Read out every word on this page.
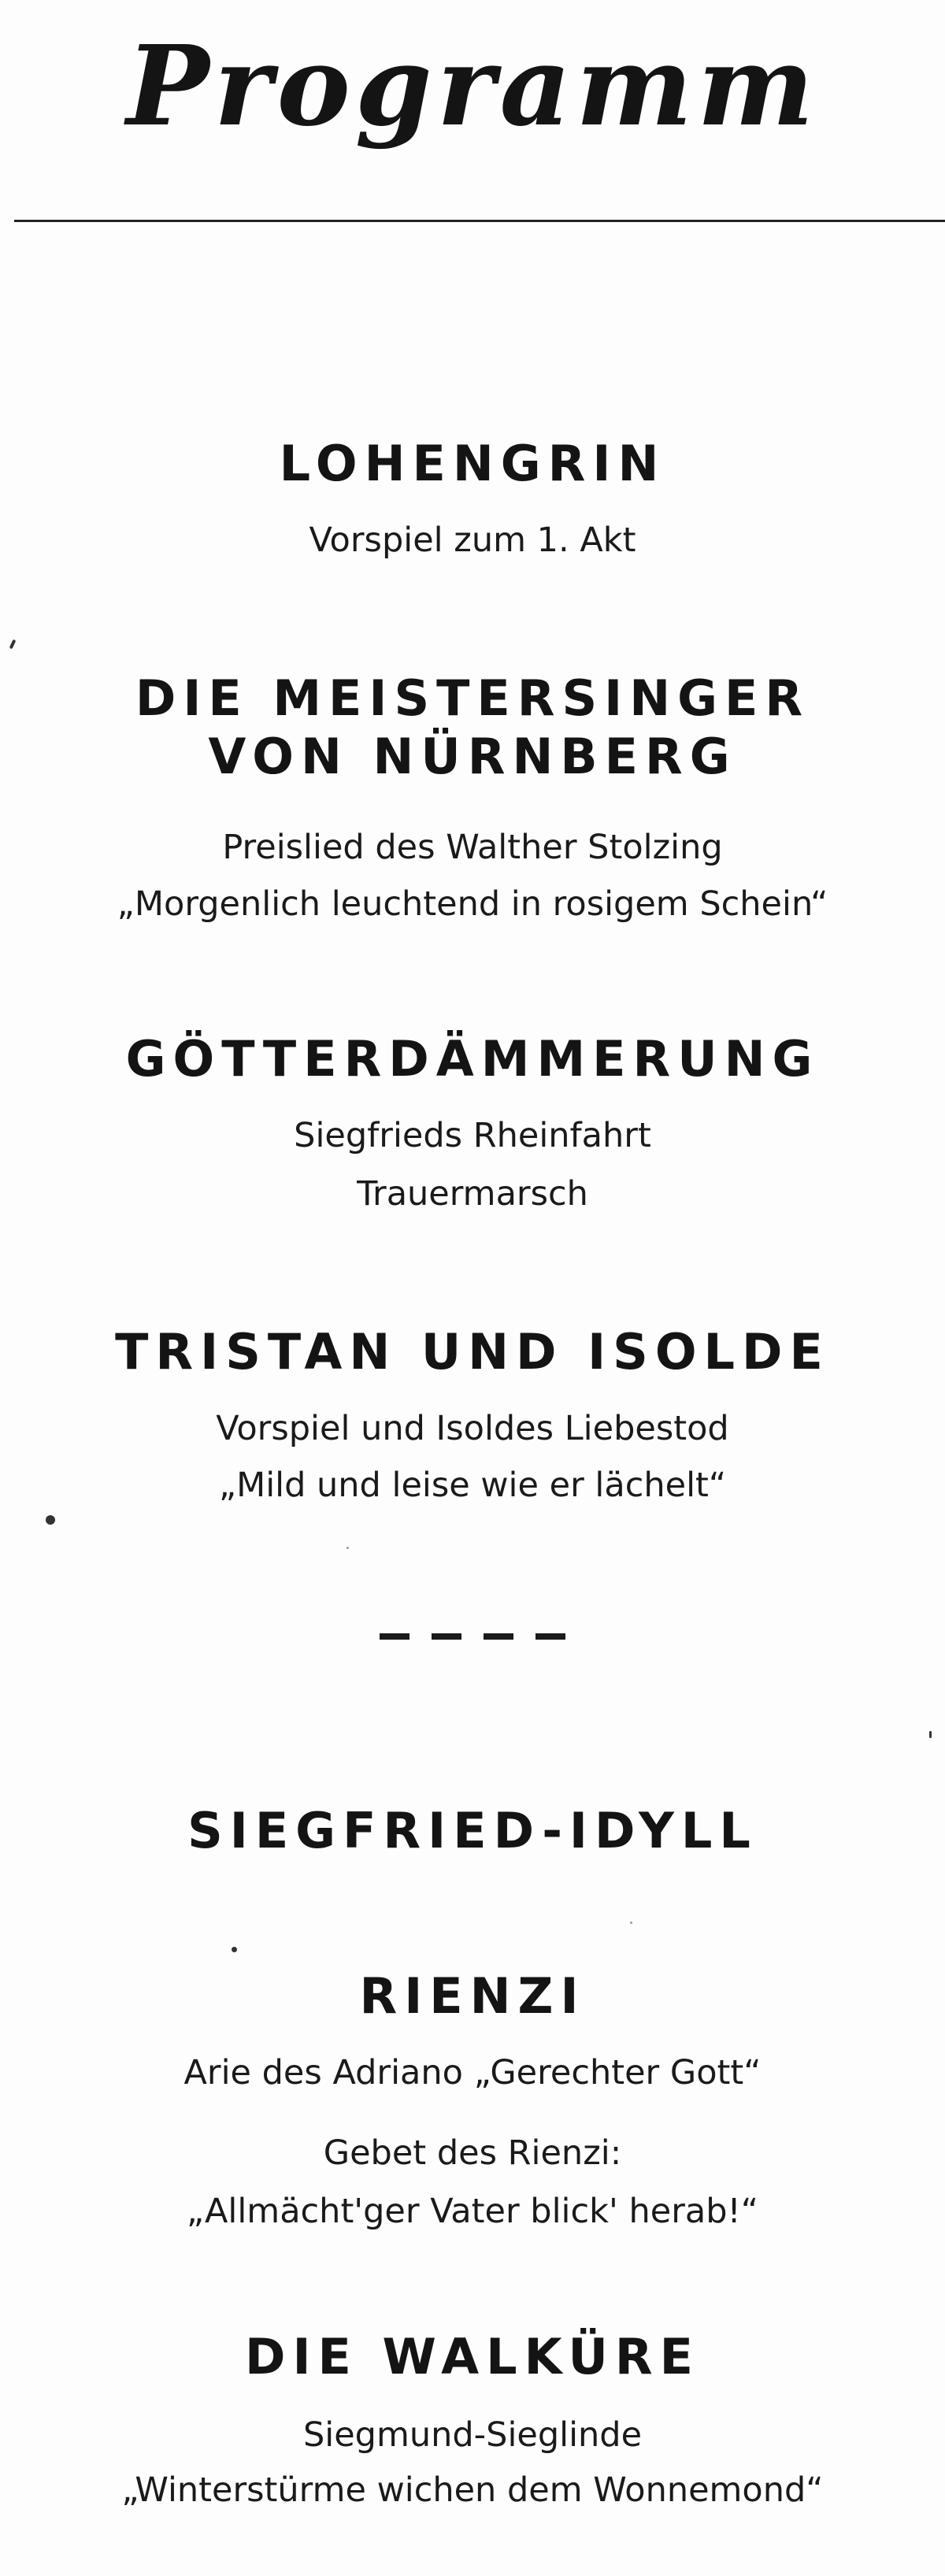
Programm
LOHENGRIN
Vorspiel zum 1. Akt
DIE MEISTERSINGER
VON NÜRNBERG
Preislied des Walther Stolzing
„Morgenlich leuchtend in rosigem Schein“
GÖTTERDÄMMERUNG
Siegfrieds Rheinfahrt
Trauermarsch
TRISTAN UND ISOLDE
Vorspiel und Isoldes Liebestod
„Mild und leise wie er lächelt“
SIEGFRIED-IDYLL
RIENZI
Arie des Adriano „Gerechter Gott“
Gebet des Rienzi:
„Allmächt'ger Vater blick' herab!“
DIE WALKÜRE
Siegmund-Sieglinde
„Winterstürme wichen dem Wonnemond“
